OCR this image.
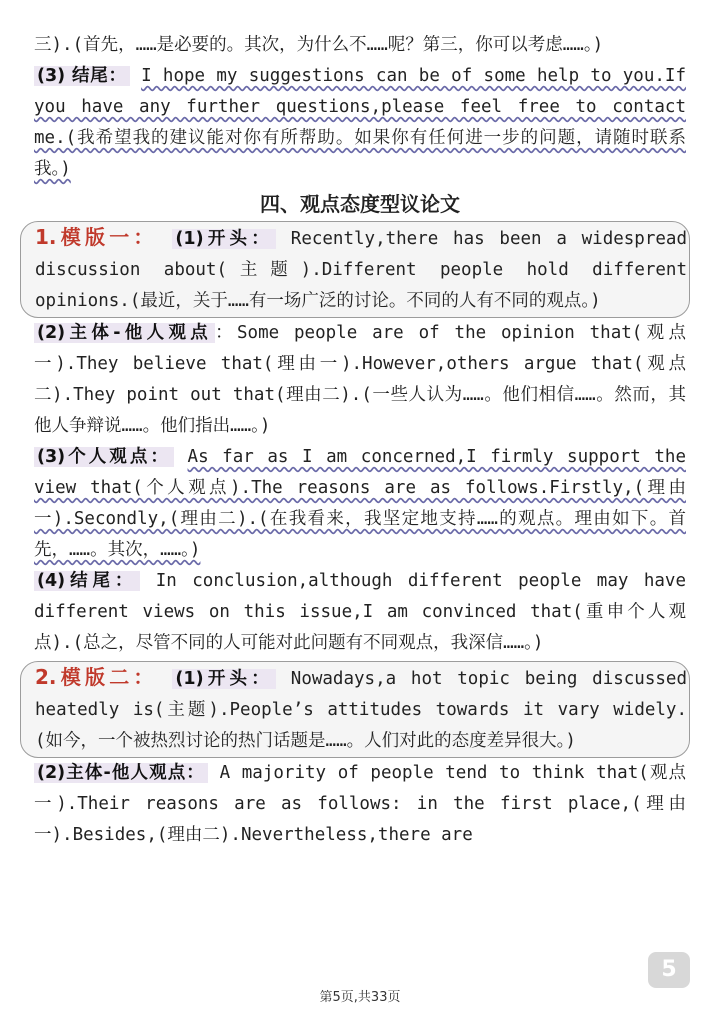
三).(首先，……是必要的。其次，为什么不……呢？第三，你可以考虑……。)

(3) 结尾： I hope my suggestions can be of some help to you.If you have any further questions,please feel free to contact me.(我希望我的建议能对你有所帮助。如果你有任何进一步的问题，请随时联系我。)

四、观点态度型议论文

1.模版一： (1)开头： Recently,there has been a widespread discussion about(主题).Different people hold different opinions.(最近，关于……有一场广泛的讨论。不同的人有不同的观点。)

(2)主体-他人观点 ：Some people are of the opinion that(观点一).They believe that(理由一).However,others argue that(观点二).They point out that(理由二).(一些人认为……。他们相信……。然而，其他人争辩说……。他们指出……。)

(3)个人观点： As far as I am concerned,I firmly support the view that(个人观点).The reasons are as follows.Firstly,(理由一).Secondly,(理由二).(在我看来，我坚定地支持……的观点。理由如下。首先，……。其次，……。)

(4)结尾： In conclusion,although different people may have different views on this issue,I am convinced that(重申个人观点).(总之，尽管不同的人可能对此问题有不同观点，我深信……。)

2.模版二： (1)开头： Nowadays,a hot topic being discussed heatedly is(主题).People’s attitudes towards it vary widely.(如今，一个被热烈讨论的热门话题是……。人们对此的态度差异很大。)

(2)主体-他人观点： A majority of people tend to think that(观点一).Their reasons are as follows: in the first place,(理由一).Besides,(理由二).Nevertheless,there are

第5页,共33页
5
